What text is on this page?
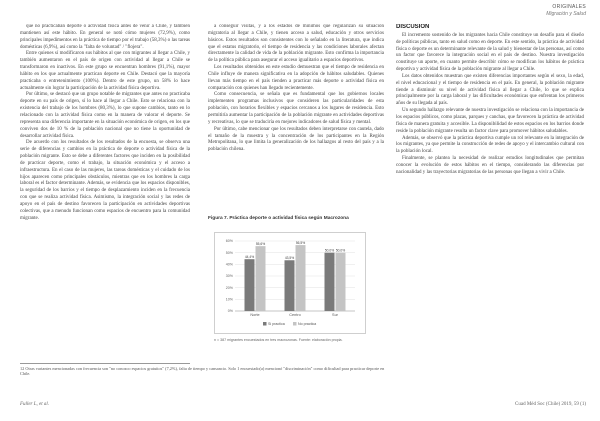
ORIGINALES
Migración y Salud

que no practicaban deporte o actividad física antes de venir a Chile, y también mantienen así este hábito. En general se notó cómo mujeres (72,9%), como principales impedimentos en la práctica de tiempo por el trabajo (58,3%) o las tareas domésticas (6,9%), así como la "falta de voluntad" / "flojera".

Entre quienes sí modificaron sus hábitos al que con migrantes al llegar a Chile, y también aumentaron en el país de origen con actividad al llegar a Chile se transformaron en inactivos. En este grupo se encuentran hombres (91,1%), mayor hábito en los que actualmente practican deporte en Chile. Destacó que la mayoría practicaba o entretenimiento (100%). Dentro de este grupo, un 58% lo hace actualmente sin lograr la participación de la actividad física deportiva.

Por último, se destacó que un grupo notable de migrantes que antes no practicaba deporte en su país de origen, sí lo hace al llegar a Chile. Esto se relaciona con la existencia del trabajo de los hombres (80,3%), lo que supone cambios, tanto en lo relacionado con la actividad física como en la manera de valorar el deporte. Se representa una diferencia importante en la situación económica de origen, en los que conviven dos de 10 % de la población nacional que no tiene la oportunidad de desarrollar actividad física.

De acuerdo con los resultados de los resultados de la encuesta, se observa una serie de diferencias y cambios en la práctica de deporte o actividad física de la población migrante. Esto se debe a diferentes factores que inciden en la posibilidad de practicar deporte, como el trabajo, la situación económica y el acceso a infraestructura. En el caso de las mujeres, las tareas domésticas y el cuidado de los hijos aparecen como principales obstáculos, mientras que en los hombres la carga laboral es el factor determinante. Además, se evidencia que los espacios disponibles, la seguridad de los barrios y el tiempo de desplazamiento inciden en la frecuencia con que se realiza actividad física. Asimismo, la integración social y las redes de apoyo en el país de destino favorecen la participación en actividades deportivas colectivas, que a menudo funcionan como espacios de encuentro para la comunidad migrante.

a conseguir visitas, y a los estados de mínimos que regularizan su situación migratoria al llegar a Chile, y tienen acceso a salud, educación y otros servicios básicos. Estos resultados son consistentes con lo señalado en la literatura, que indica que el estatus migratorio, el tiempo de residencia y las condiciones laborales afectan directamente la calidad de vida de la población migrante. Esto confirma la importancia de la política pública para asegurar el acceso igualitario a espacios deportivos.

Los resultados obtenidos en este estudio demuestran que el tiempo de residencia en Chile influye de manera significativa en la adopción de hábitos saludables. Quienes llevan más tiempo en el país tienden a practicar más deporte o actividad física en comparación con quienes han llegado recientemente.

Como consecuencia, se señala que es fundamental que los gobiernos locales implementen programas inclusivos que consideren las particularidades de esta población, con horarios flexibles y espacios cercanos a los lugares de residencia. Esto permitiría aumentar la participación de la población migrante en actividades deportivas y recreativas, lo que se traduciría en mejores indicadores de salud física y mental.

Por último, cabe mencionar que los resultados deben interpretarse con cautela, dado el tamaño de la muestra y la concentración de los participantes en la Región Metropolitana, lo que limita la generalización de los hallazgos al resto del país y a la población chilena.

Figura 7. Práctica deporte o actividad física según Macrozona
0%
10%
20%
30%
40%
50%
60%
44,4%
55,6%
Norte
43,5%
56,5%
Centro
50,0% 50,0%
Sur
Si practica	No practica
n = 387 migrantes encuestados en tres macrozonas. Fuente: elaboración propia.
DISCUSIÓN

El incremento sostenido de los migrantes hacia Chile constituye un desafío para el diseño de políticas públicas, tanto en salud como en deporte. En este sentido, la práctica de actividad física o deporte es un determinante relevante de la salud y bienestar de las personas, así como un factor que favorece la integración social en el país de destino. Nuestra investigación constituye un aporte, en cuanto permite describir cómo se modifican los hábitos de práctica deportiva y actividad física de la población migrante al llegar a Chile.

Los datos obtenidos muestran que existen diferencias importantes según el sexo, la edad, el nivel educacional y el tiempo de residencia en el país. En general, la población migrante tiende a disminuir su nivel de actividad física al llegar a Chile, lo que se explica principalmente por la carga laboral y las dificultades económicas que enfrentan los primeros años de su llegada al país.

Un segundo hallazgo relevante de nuestra investigación se relaciona con la importancia de los espacios públicos, como plazas, parques y canchas, que favorecen la práctica de actividad física de manera gratuita y accesible. La disponibilidad de estos espacios en los barrios donde reside la población migrante resulta un factor clave para promover hábitos saludables.

Además, se observó que la práctica deportiva cumple un rol relevante en la integración de los migrantes, ya que permite la construcción de redes de apoyo y el intercambio cultural con la población local.

Finalmente, se plantea la necesidad de realizar estudios longitudinales que permitan conocer la evolución de estos hábitos en el tiempo, considerando las diferencias por nacionalidad y las trayectorias migratorias de las personas que llegan a vivir a Chile.

12 Otras variantes mencionadas con frecuencia son "no conozco espacios gratuitos" (7,2%), falta de tiempo y cansancio. Solo 1 encuestado(a) mencionó "discriminación" como dificultad para practicar deporte en Chile.
Fuller L, et al.	Cuad Méd Soc (Chile) 2019, 59 (1)
